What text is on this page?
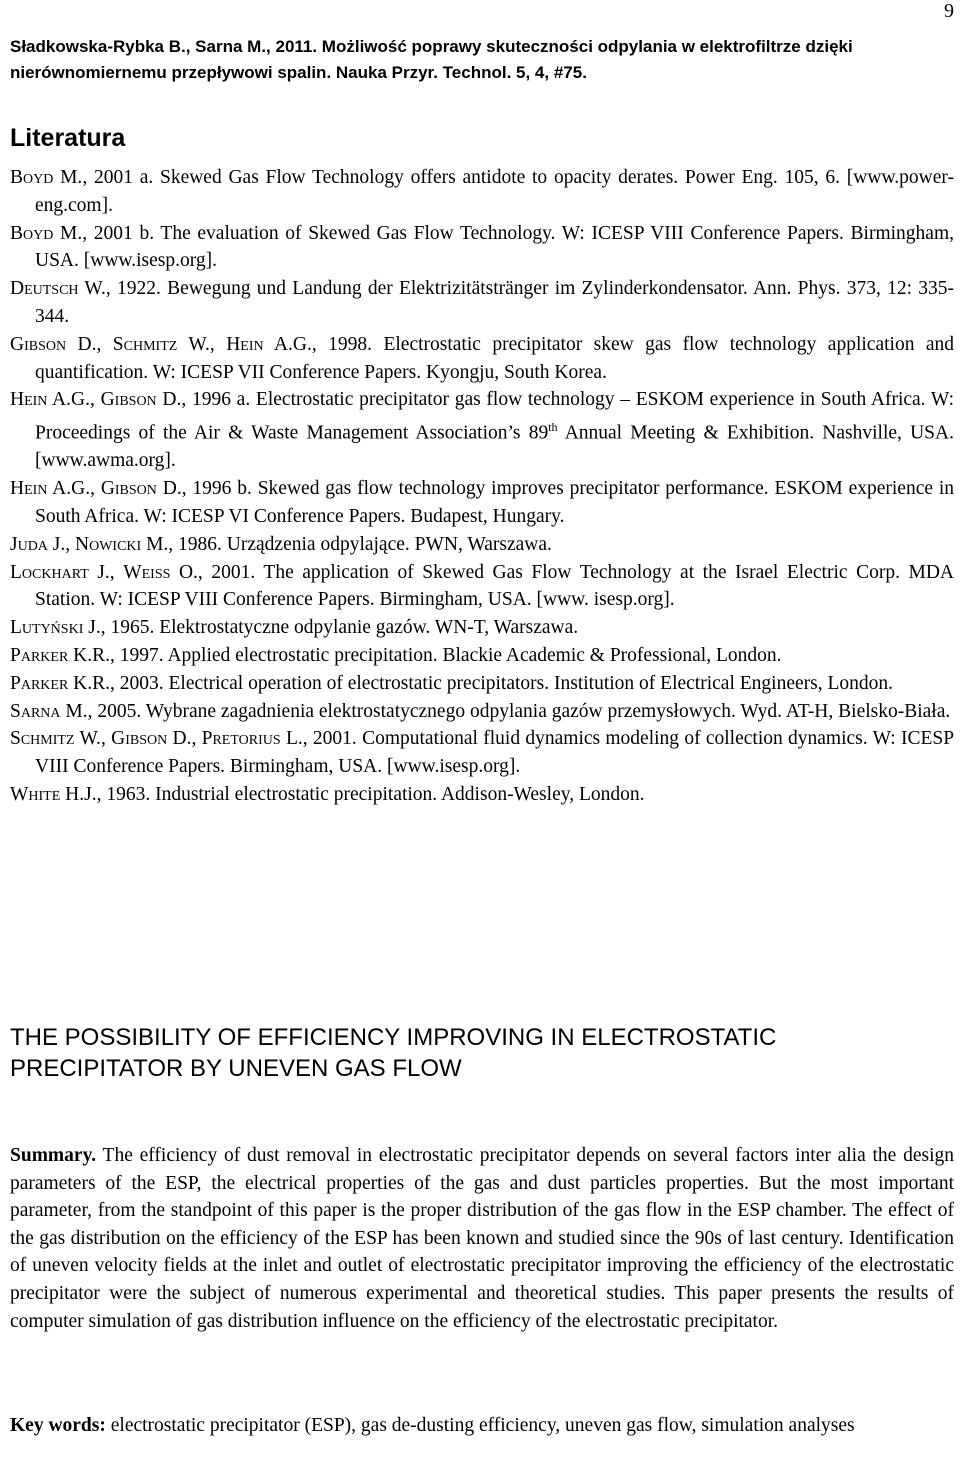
9
Sładkowska-Rybka B., Sarna M., 2011. Możliwość poprawy skuteczności odpylania w elektrofiltrze dzięki nierównomiernemu przepływowi spalin. Nauka Przyr. Technol. 5, 4, #75.
Literatura
Boyd M., 2001 a. Skewed Gas Flow Technology offers antidote to opacity derates. Power Eng. 105, 6. [www.power-eng.com].
Boyd M., 2001 b. The evaluation of Skewed Gas Flow Technology. W: ICESP VIII Conference Papers. Birmingham, USA. [www.isesp.org].
Deutsch W., 1922. Bewegung und Landung der Elektrizitätstränger im Zylinderkondensator. Ann. Phys. 373, 12: 335-344.
Gibson D., Schmitz W., Hein A.G., 1998. Electrostatic precipitator skew gas flow technology application and quantification. W: ICESP VII Conference Papers. Kyongju, South Korea.
Hein A.G., Gibson D., 1996 a. Electrostatic precipitator gas flow technology – ESKOM experience in South Africa. W: Proceedings of the Air & Waste Management Association’s 89th Annual Meeting & Exhibition. Nashville, USA. [www.awma.org].
Hein A.G., Gibson D., 1996 b. Skewed gas flow technology improves precipitator performance. ESKOM experience in South Africa. W: ICESP VI Conference Papers. Budapest, Hungary.
Juda J., Nowicki M., 1986. Urządzenia odpylające. PWN, Warszawa.
Lockhart J., Weiss O., 2001. The application of Skewed Gas Flow Technology at the Israel Electric Corp. MDA Station. W: ICESP VIII Conference Papers. Birmingham, USA. [www. isesp.org].
Lutyński J., 1965. Elektrostatyczne odpylanie gazów. WN-T, Warszawa.
Parker K.R., 1997. Applied electrostatic precipitation. Blackie Academic & Professional, London.
Parker K.R., 2003. Electrical operation of electrostatic precipitators. Institution of Electrical Engineers, London.
Sarna M., 2005. Wybrane zagadnienia elektrostatycznego odpylania gazów przemysłowych. Wyd. AT-H, Bielsko-Biała.
Schmitz W., Gibson D., Pretorius L., 2001. Computational fluid dynamics modeling of collection dynamics. W: ICESP VIII Conference Papers. Birmingham, USA. [www.isesp.org].
White H.J., 1963. Industrial electrostatic precipitation. Addison-Wesley, London.
THE POSSIBILITY OF EFFICIENCY IMPROVING IN ELECTROSTATIC PRECIPITATOR BY UNEVEN GAS FLOW
Summary. The efficiency of dust removal in electrostatic precipitator depends on several factors inter alia the design parameters of the ESP, the electrical properties of the gas and dust particles properties. But the most important parameter, from the standpoint of this paper is the proper distribution of the gas flow in the ESP chamber. The effect of the gas distribution on the efficiency of the ESP has been known and studied since the 90s of last century. Identification of uneven velocity fields at the inlet and outlet of electrostatic precipitator improving the efficiency of the electrostatic precipitator were the subject of numerous experimental and theoretical studies. This paper presents the results of computer simulation of gas distribution influence on the efficiency of the electrostatic precipitator.
Key words: electrostatic precipitator (ESP), gas de-dusting efficiency, uneven gas flow, simulation analyses
